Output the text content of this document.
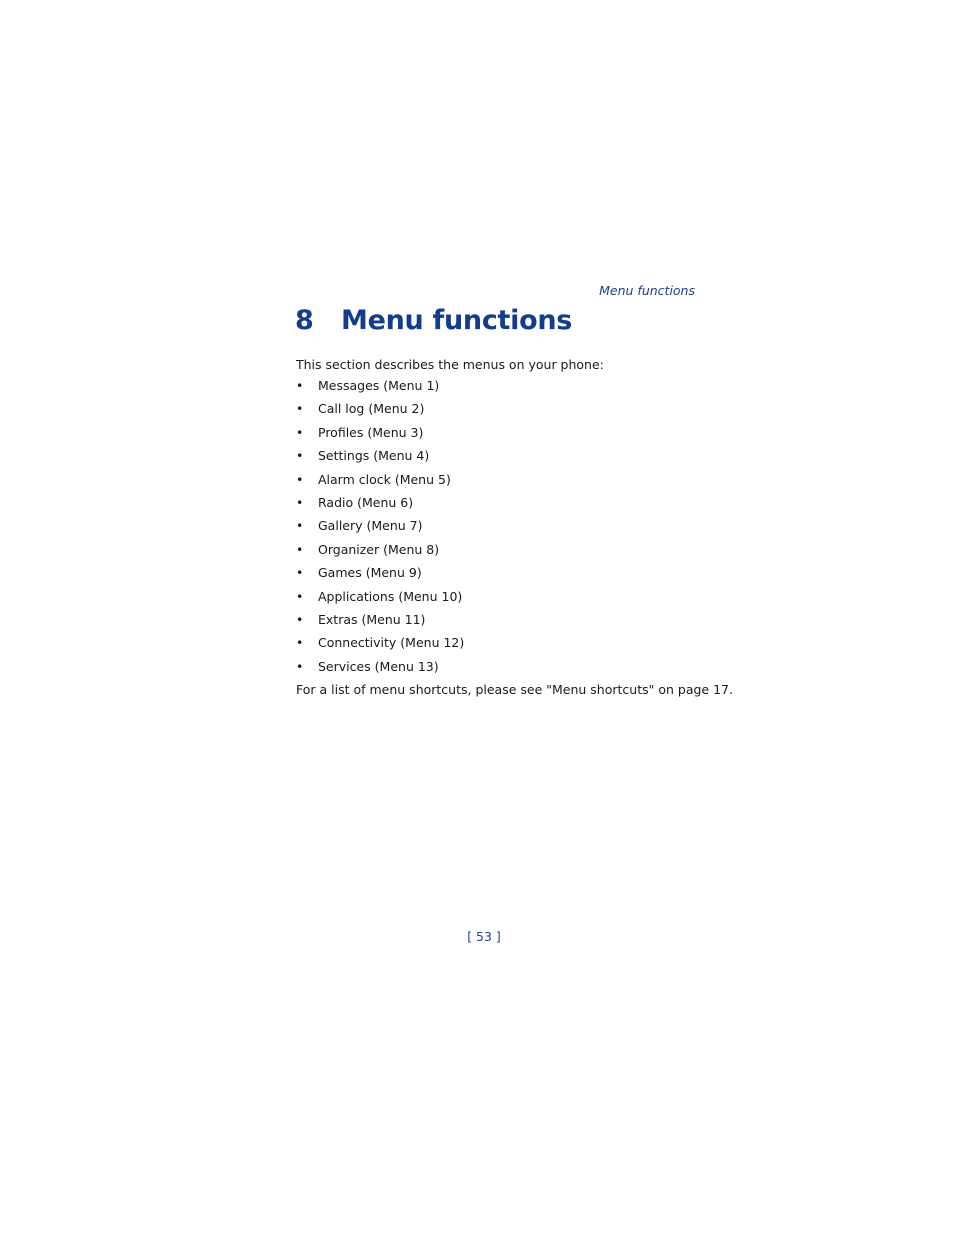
Menu functions
8 Menu functions

This section describes the menus on your phone:

• Messages (Menu 1)
• Call log (Menu 2)
• Profiles (Menu 3)
• Settings (Menu 4)
• Alarm clock (Menu 5)
• Radio (Menu 6)
• Gallery (Menu 7)
• Organizer (Menu 8)
• Games (Menu 9)
• Applications (Menu 10)
• Extras (Menu 11)
• Connectivity (Menu 12)
• Services (Menu 13)

For a list of menu shortcuts, please see "Menu shortcuts" on page 17.

[ 53 ]
